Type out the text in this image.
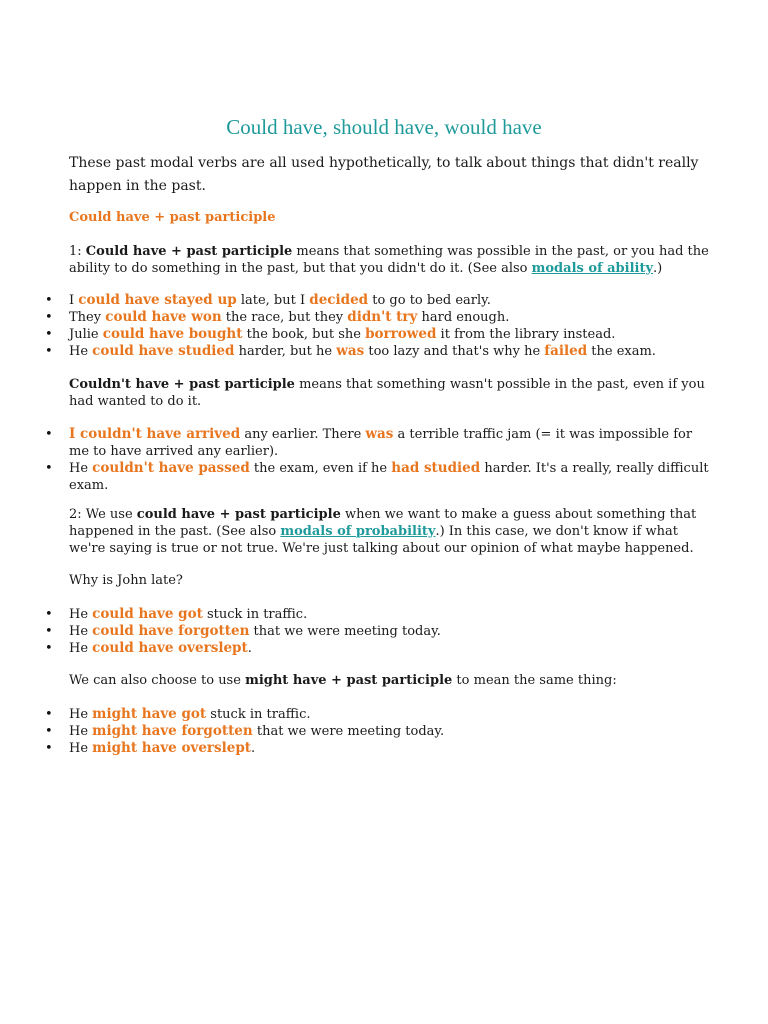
Could have, should have, would have
These past modal verbs are all used hypothetically, to talk about things that didn't really happen in the past.
Could have + past participle
1: Could have + past participle means that something was possible in the past, or you had the ability to do something in the past, but that you didn't do it. (See also modals of ability.)
• I could have stayed up late, but I decided to go to bed early.
• They could have won the race, but they didn't try hard enough.
• Julie could have bought the book, but she borrowed it from the library instead.
• He could have studied harder, but he was too lazy and that's why he failed the exam.
Couldn't have + past participle means that something wasn't possible in the past, even if you had wanted to do it.
• I couldn't have arrived any earlier. There was a terrible traffic jam (= it was impossible for me to have arrived any earlier).
• He couldn't have passed the exam, even if he had studied harder. It's a really, really difficult exam.
2: We use could have + past participle when we want to make a guess about something that happened in the past. (See also modals of probability.) In this case, we don't know if what we're saying is true or not true. We're just talking about our opinion of what maybe happened.
Why is John late?
• He could have got stuck in traffic.
• He could have forgotten that we were meeting today.
• He could have overslept.
We can also choose to use might have + past participle to mean the same thing:
• He might have got stuck in traffic.
• He might have forgotten that we were meeting today.
• He might have overslept.
